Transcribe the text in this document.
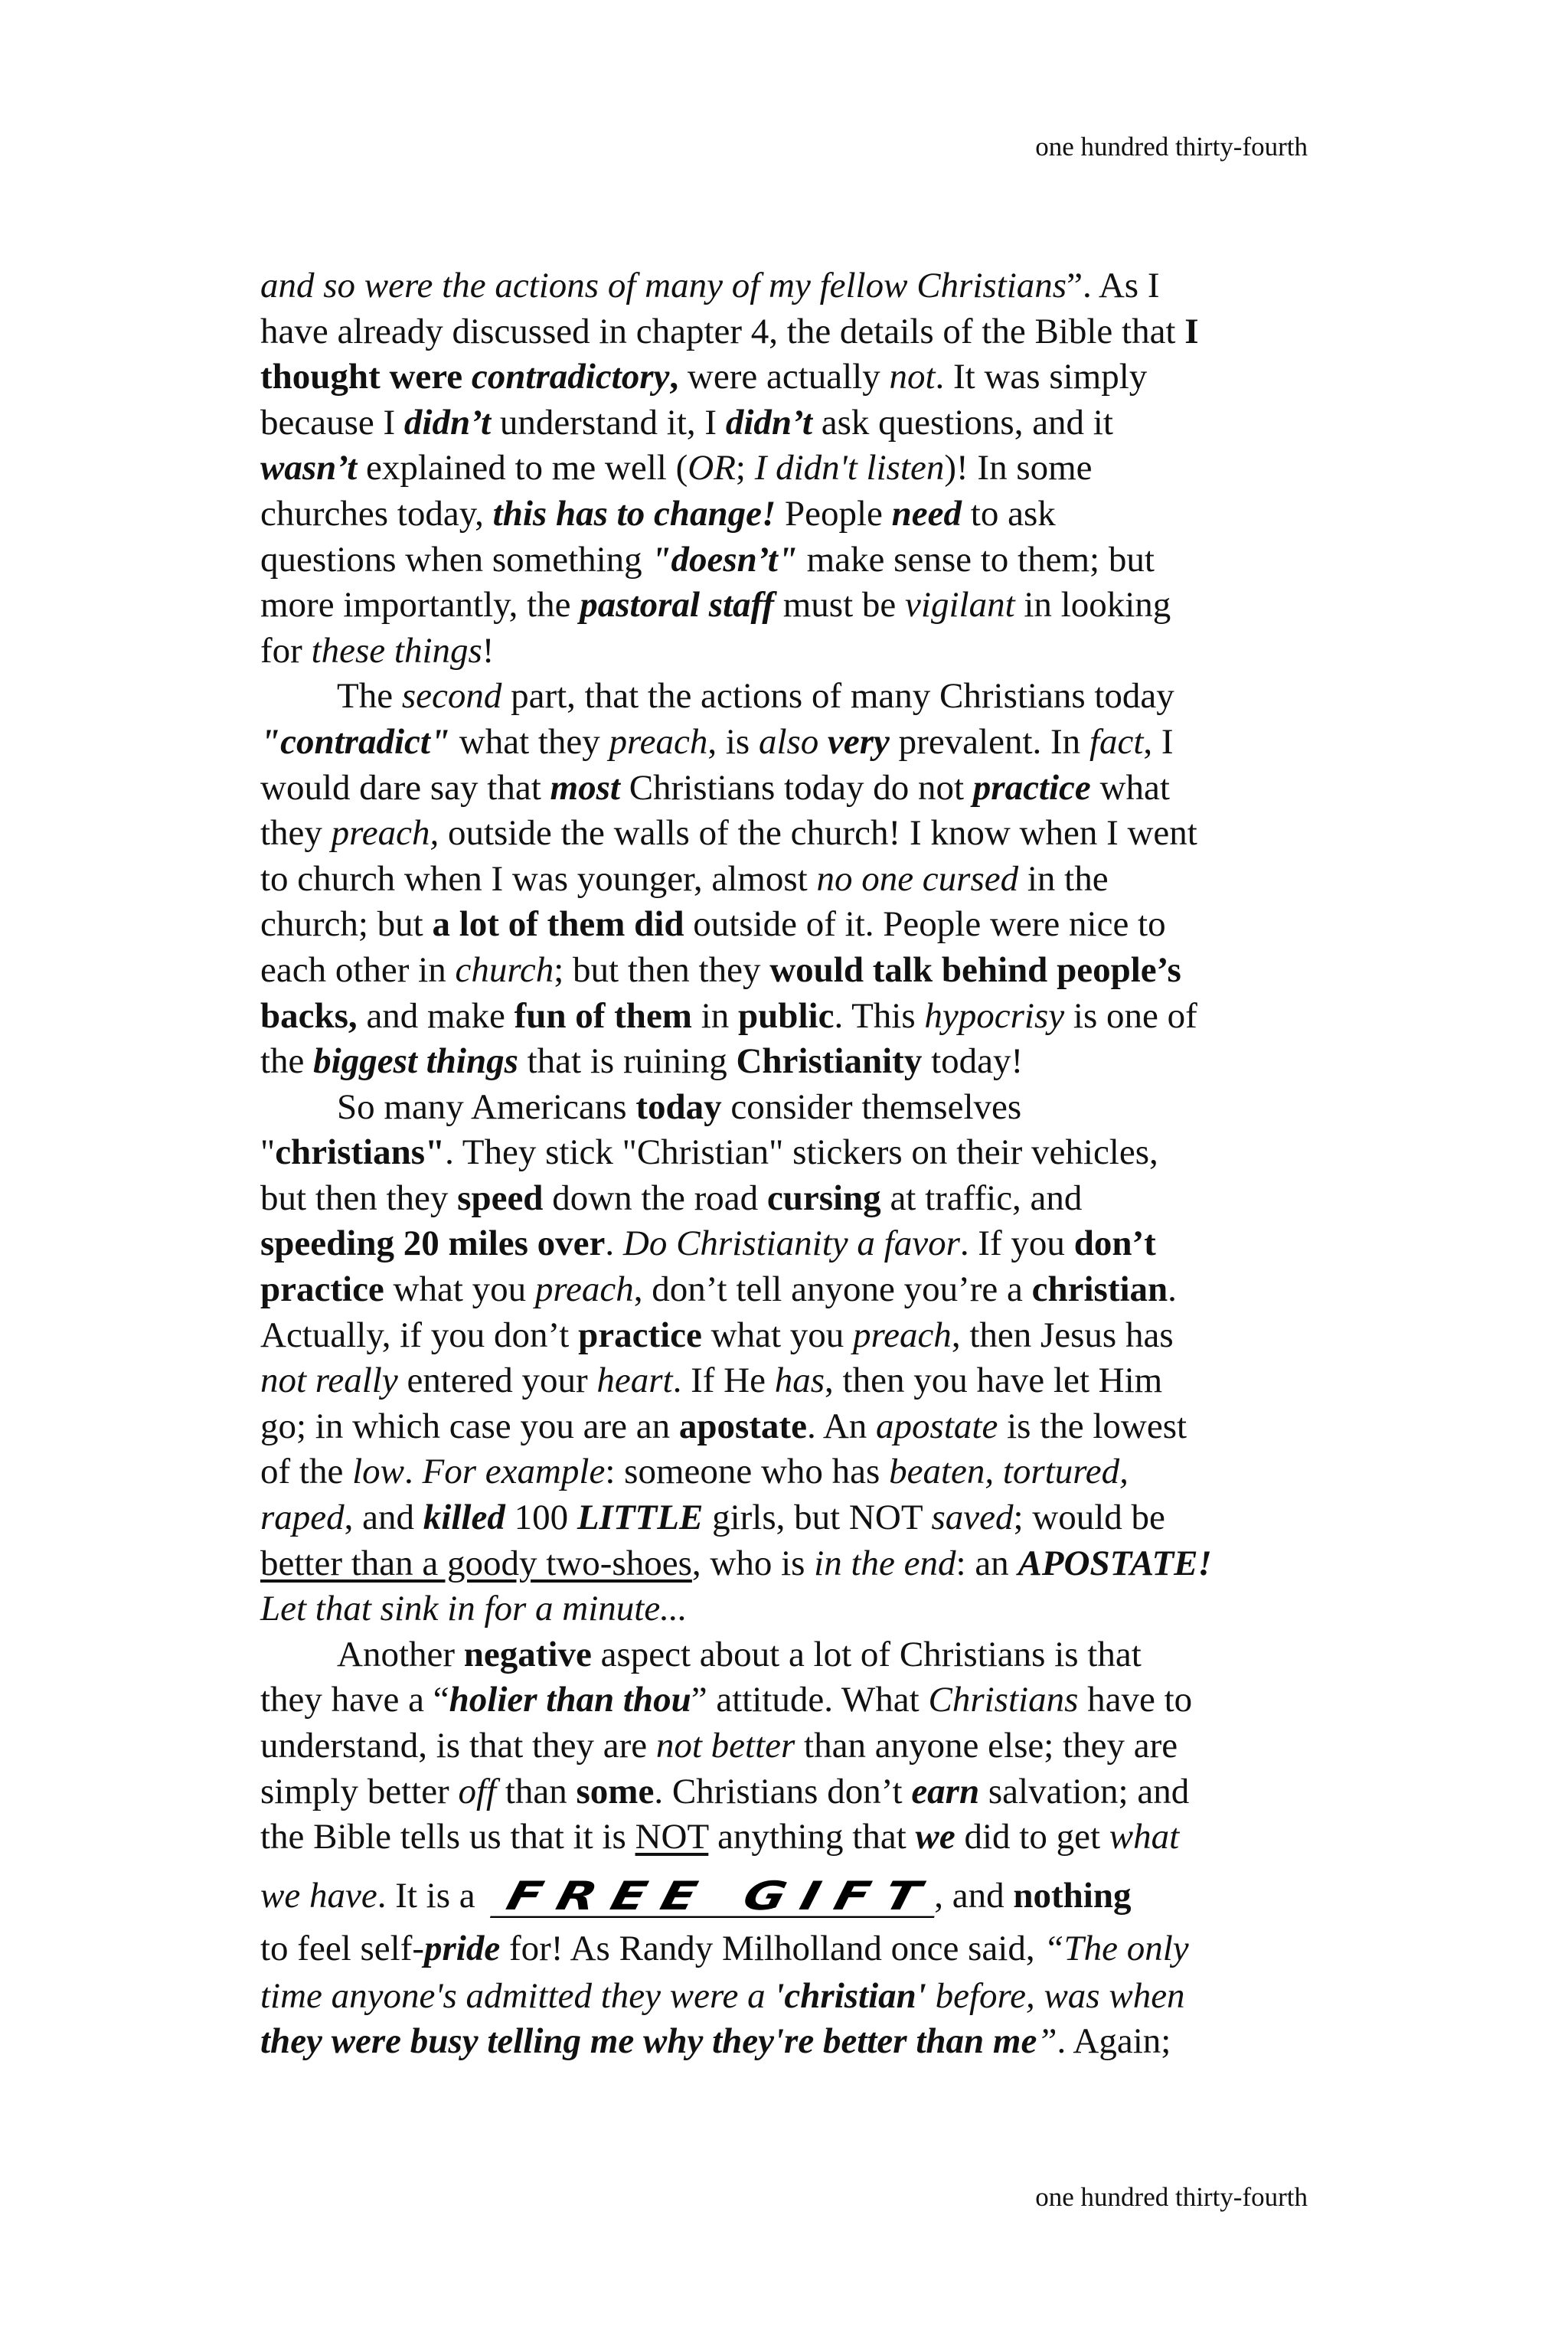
one hundred thirty-fourth
and so were the actions of many of my fellow Christians”. As I
have already discussed in chapter 4, the details of the Bible that I
thought were contradictory, were actually not. It was simply
because I didn’t understand it, I didn’t ask questions, and it
wasn’t explained to me well (OR; I didn't listen)! In some
churches today, this has to change! People need to ask
questions when something "doesn’t" make sense to them; but
more importantly, the pastoral staff must be vigilant in looking
for these things!
The second part, that the actions of many Christians today
"contradict" what they preach, is also very prevalent. In fact, I
would dare say that most Christians today do not practice what
they preach, outside the walls of the church! I know when I went
to church when I was younger, almost no one cursed in the
church; but a lot of them did outside of it. People were nice to
each other in church; but then they would talk behind people’s
backs, and make fun of them in public. This hypocrisy is one of
the biggest things that is ruining Christianity today!
So many Americans today consider themselves
"christians". They stick "Christian" stickers on their vehicles,
but then they speed down the road cursing at traffic, and
speeding 20 miles over. Do Christianity a favor. If you don’t
practice what you preach, don’t tell anyone you’re a christian.
Actually, if you don’t practice what you preach, then Jesus has
not really entered your heart. If He has, then you have let Him
go; in which case you are an apostate. An apostate is the lowest
of the low. For example: someone who has beaten, tortured,
raped, and killed 100 LITTLE girls, but NOT saved; would be
better than a goody two-shoes, who is in the end: an APOSTATE!
Let that sink in for a minute...
Another negative aspect about a lot of Christians is that
they have a “holier than thou” attitude. What Christians have to
understand, is that they are not better than anyone else; they are
simply better off than some. Christians don’t earn salvation; and
the Bible tells us that it is NOT anything that we did to get what
we have. It is a FREE GIFT, and nothing
to feel self-pride for! As Randy Milholland once said, “The only
time anyone's admitted they were a 'christian' before, was when
they were busy telling me why they're better than me”. Again;
one hundred thirty-fourth
